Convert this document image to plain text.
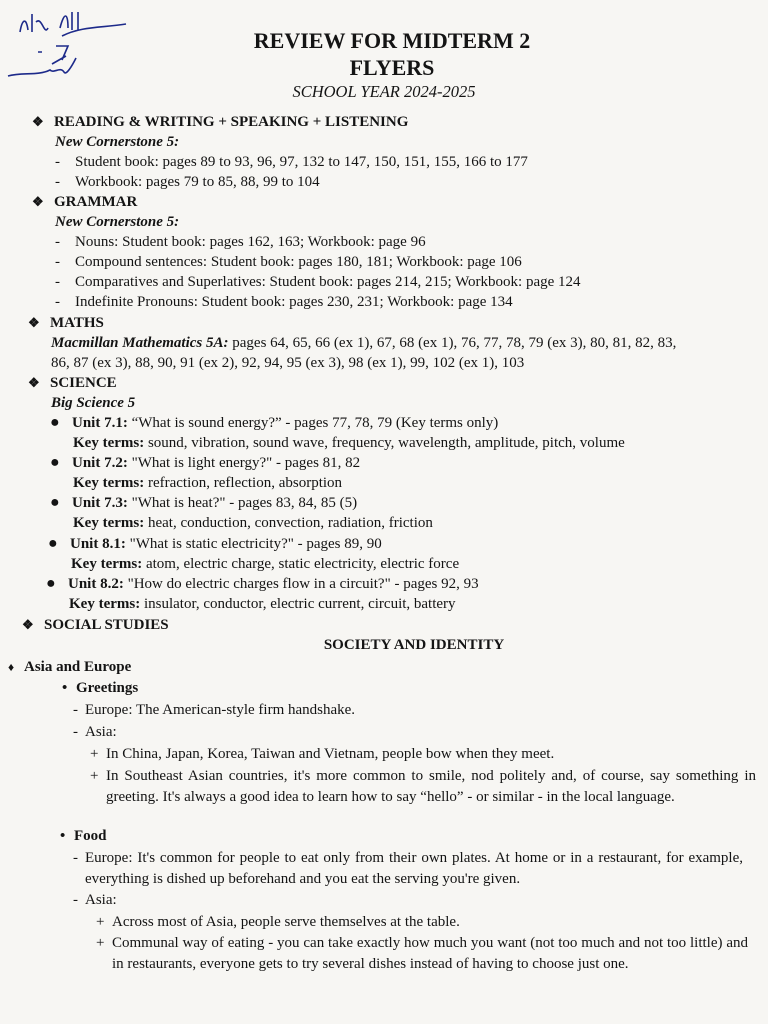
REVIEW FOR MIDTERM 2
FLYERS
SCHOOL YEAR 2024-2025
❖ READING & WRITING + SPEAKING + LISTENING
New Cornerstone 5:
- Student book: pages 89 to 93, 96, 97, 132 to 147, 150, 151, 155, 166 to 177
- Workbook: pages 79 to 85, 88, 99 to 104
❖ GRAMMAR
New Cornerstone 5:
- Nouns: Student book: pages 162, 163; Workbook: page 96
- Compound sentences: Student book: pages 180, 181; Workbook: page 106
- Comparatives and Superlatives: Student book: pages 214, 215; Workbook: page 124
- Indefinite Pronouns: Student book: pages 230, 231; Workbook: page 134
❖ MATHS
Macmillan Mathematics 5A: pages 64, 65, 66 (ex 1), 67, 68 (ex 1), 76, 77, 78, 79 (ex 3), 80, 81, 82, 83,
86, 87 (ex 3), 88, 90, 91 (ex 2), 92, 94, 95 (ex 3), 98 (ex 1), 99, 102 (ex 1), 103
❖ SCIENCE
Big Science 5
● Unit 7.1: “What is sound energy?” - pages 77, 78, 79 (Key terms only)
Key terms: sound, vibration, sound wave, frequency, wavelength, amplitude, pitch, volume
● Unit 7.2: "What is light energy?" - pages 81, 82
Key terms: refraction, reflection, absorption
● Unit 7.3: "What is heat?" - pages 83, 84, 85 (5)
Key terms: heat, conduction, convection, radiation, friction
● Unit 8.1: "What is static electricity?" - pages 89, 90
Key terms: atom, electric charge, static electricity, electric force
● Unit 8.2: "How do electric charges flow in a circuit?" - pages 92, 93
Key terms: insulator, conductor, electric current, circuit, battery
❖ SOCIAL STUDIES
SOCIETY AND IDENTITY
♦ Asia and Europe
• Greetings
- Europe: The American-style firm handshake.
- Asia:
+ In China, Japan, Korea, Taiwan and Vietnam, people bow when they meet.
+ In Southeast Asian countries, it's more common to smile, nod politely and, of course, say something in greeting. It's always a good idea to learn how to say “hello” - or similar - in the local language.
• Food
- Europe: It's common for people to eat only from their own plates. At home or in a restaurant, for example, everything is dished up beforehand and you eat the serving you're given.
- Asia:
+ Across most of Asia, people serve themselves at the table.
+ Communal way of eating - you can take exactly how much you want (not too much and not too little) and in restaurants, everyone gets to try several dishes instead of having to choose just one.
